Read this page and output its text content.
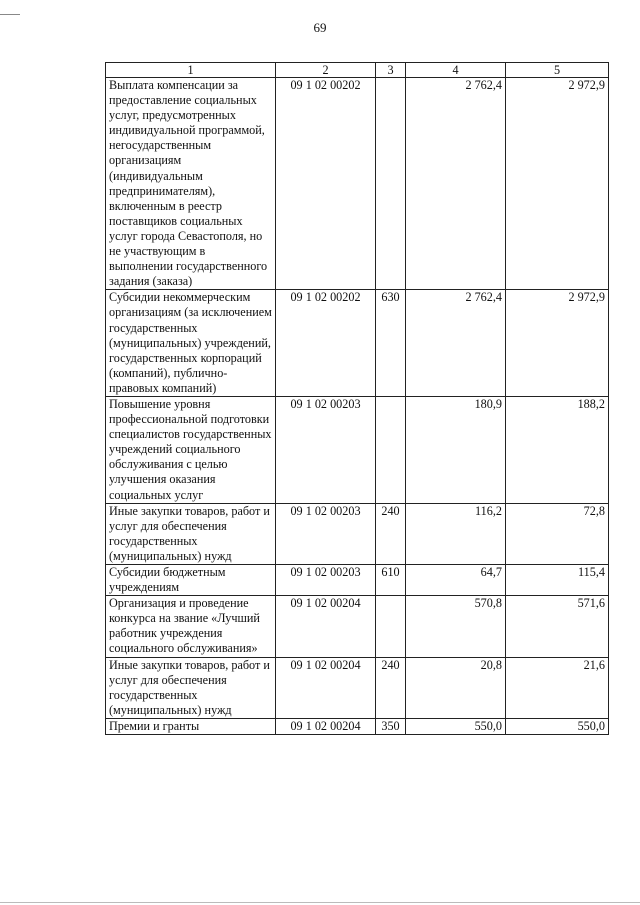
69
1	2	3	4	5
Выплата компенсации за предоставление социальных услуг, предусмотренных индивидуальной программой, негосударственным организациям (индивидуальным предпринимателям), включенным в реестр поставщиков социальных услуг города Севастополя, но не участвующим в выполнении государственного задания (заказа)	09 1 02 00202		2 762,4	2 972,9
Субсидии некоммерческим организациям (за исключением государственных (муниципальных) учреждений, государственных корпораций (компаний), публично-правовых компаний)	09 1 02 00202	630	2 762,4	2 972,9
Повышение уровня профессиональной подготовки специалистов государственных учреждений социального обслуживания с целью улучшения оказания социальных услуг	09 1 02 00203		180,9	188,2
Иные закупки товаров, работ и услуг для обеспечения государственных (муниципальных) нужд	09 1 02 00203	240	116,2	72,8
Субсидии бюджетным учреждениям	09 1 02 00203	610	64,7	115,4
Организация и проведение конкурса на звание «Лучший работник учреждения социального обслуживания»	09 1 02 00204		570,8	571,6
Иные закупки товаров, работ и услуг для обеспечения государственных (муниципальных) нужд	09 1 02 00204	240	20,8	21,6
Премии и гранты	09 1 02 00204	350	550,0	550,0
